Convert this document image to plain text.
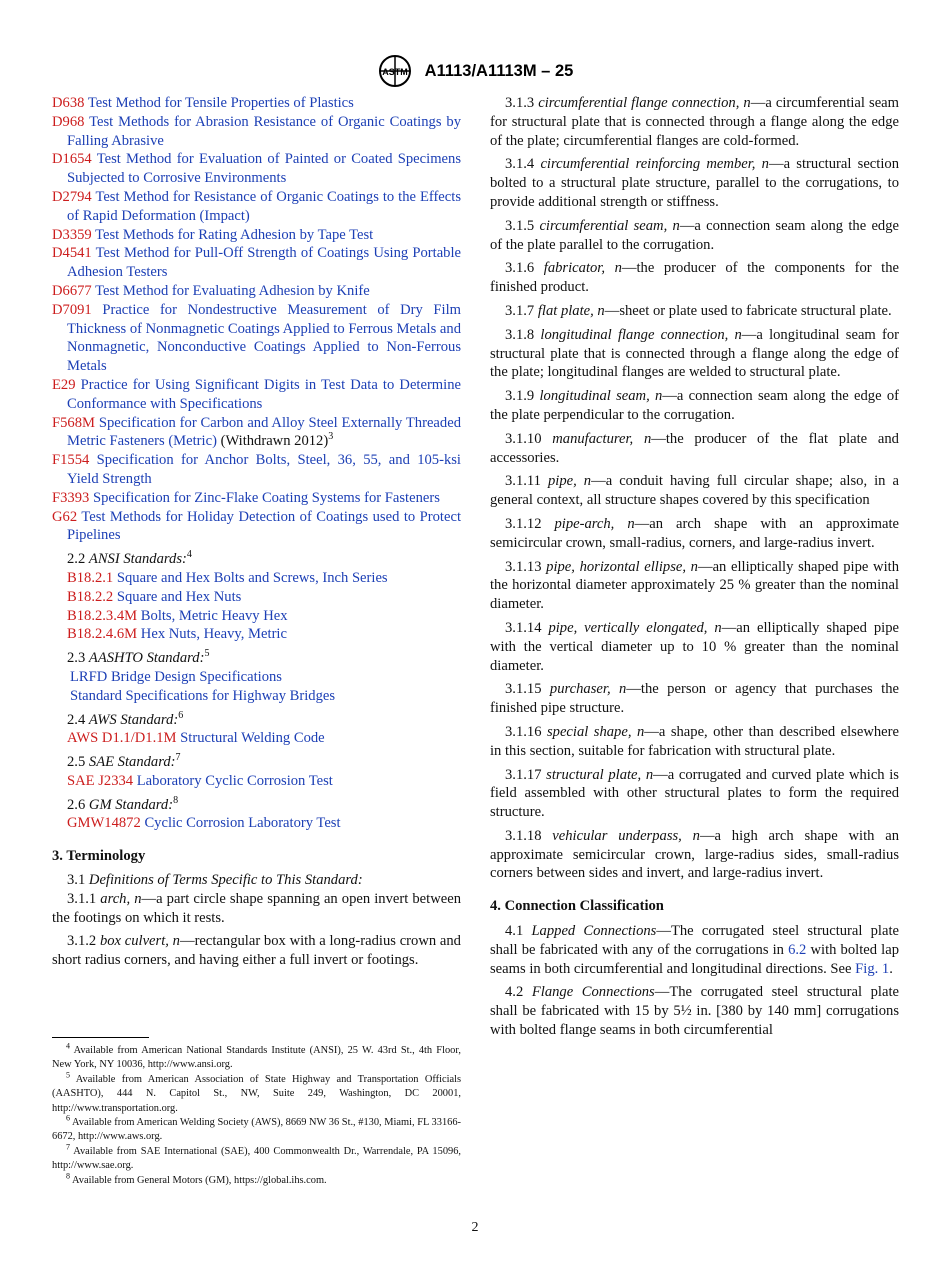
ASTM A1113/A1113M – 25
D638 Test Method for Tensile Properties of Plastics
D968 Test Methods for Abrasion Resistance of Organic Coatings by Falling Abrasive
D1654 Test Method for Evaluation of Painted or Coated Specimens Subjected to Corrosive Environments
D2794 Test Method for Resistance of Organic Coatings to the Effects of Rapid Deformation (Impact)
D3359 Test Methods for Rating Adhesion by Tape Test
D4541 Test Method for Pull-Off Strength of Coatings Using Portable Adhesion Testers
D6677 Test Method for Evaluating Adhesion by Knife
D7091 Practice for Nondestructive Measurement of Dry Film Thickness of Nonmagnetic Coatings Applied to Ferrous Metals and Nonmagnetic, Nonconductive Coatings Applied to Non-Ferrous Metals
E29 Practice for Using Significant Digits in Test Data to Determine Conformance with Specifications
F568M Specification for Carbon and Alloy Steel Externally Threaded Metric Fasteners (Metric) (Withdrawn 2012)$^3$
F1554 Specification for Anchor Bolts, Steel, 36, 55, and 105-ksi Yield Strength
F3393 Specification for Zinc-Flake Coating Systems for Fasteners
G62 Test Methods for Holiday Detection of Coatings used to Protect Pipelines
2.2 ANSI Standards:$^4$
B18.2.1 Square and Hex Bolts and Screws, Inch Series
B18.2.2 Square and Hex Nuts
B18.2.3.4M Bolts, Metric Heavy Hex
B18.2.4.6M Hex Nuts, Heavy, Metric
2.3 AASHTO Standard:$^5$
LRFD Bridge Design Specifications
Standard Specifications for Highway Bridges
2.4 AWS Standard:$^6$
AWS D1.1/D1.1M Structural Welding Code
2.5 SAE Standard:$^7$
SAE J2334 Laboratory Cyclic Corrosion Test
2.6 GM Standard:$^8$
GMW14872 Cyclic Corrosion Laboratory Test
3. Terminology

3.1 Definitions of Terms Specific to This Standard:

3.1.1 arch, n—a part circle shape spanning an open invert between the footings on which it rests.

3.1.2 box culvert, n—rectangular box with a long-radius crown and short radius corners, and having either a full invert or footings.

3.1.3 circumferential flange connection, n—a circumferential seam for structural plate that is connected through a flange along the edge of the plate; circumferential flanges are cold-formed.

3.1.4 circumferential reinforcing member, n—a structural section bolted to a structural plate structure, parallel to the corrugations, to provide additional strength or stiffness.

3.1.5 circumferential seam, n—a connection seam along the edge of the plate parallel to the corrugation.

3.1.6 fabricator, n—the producer of the components for the finished product.

3.1.7 flat plate, n—sheet or plate used to fabricate structural plate.

3.1.8 longitudinal flange connection, n—a longitudinal seam for structural plate that is connected through a flange along the edge of the plate; longitudinal flanges are welded to structural plate.

3.1.9 longitudinal seam, n—a connection seam along the edge of the plate perpendicular to the corrugation.

3.1.10 manufacturer, n—the producer of the flat plate and accessories.

3.1.11 pipe, n—a conduit having full circular shape; also, in a general context, all structure shapes covered by this specification

3.1.12 pipe-arch, n—an arch shape with an approximate semicircular crown, small-radius, corners, and large-radius invert.

3.1.13 pipe, horizontal ellipse, n—an elliptically shaped pipe with the horizontal diameter approximately 25 % greater than the nominal diameter.

3.1.14 pipe, vertically elongated, n—an elliptically shaped pipe with the vertical diameter up to 10 % greater than the nominal diameter.

3.1.15 purchaser, n—the person or agency that purchases the finished pipe structure.

3.1.16 special shape, n—a shape, other than described elsewhere in this section, suitable for fabrication with structural plate.

3.1.17 structural plate, n—a corrugated and curved plate which is field assembled with other structural plates to form the required structure.

3.1.18 vehicular underpass, n—a high arch shape with an approximate semicircular crown, large-radius sides, small-radius corners between sides and invert, and large-radius invert.

4. Connection Classification

4.1 Lapped Connections—The corrugated steel structural plate shall be fabricated with any of the corrugations in 6.2 with bolted lap seams in both circumferential and longitudinal directions. See Fig. 1.

4.2 Flange Connections—The corrugated steel structural plate shall be fabricated with 15 by 5½ in. [380 by 140 mm] corrugations with bolted flange seams in both circumferential

$^4$ Available from American National Standards Institute (ANSI), 25 W. 43rd St., 4th Floor, New York, NY 10036, http://www.ansi.org.

$^5$ Available from American Association of State Highway and Transportation Officials (AASHTO), 444 N. Capitol St., NW, Suite 249, Washington, DC 20001, http://www.transportation.org.

$^6$ Available from American Welding Society (AWS), 8669 NW 36 St., #130, Miami, FL 33166-6672, http://www.aws.org.

$^7$ Available from SAE International (SAE), 400 Commonwealth Dr., Warrendale, PA 15096, http://www.sae.org.

$^8$ Available from General Motors (GM), https://global.ihs.com.

2
